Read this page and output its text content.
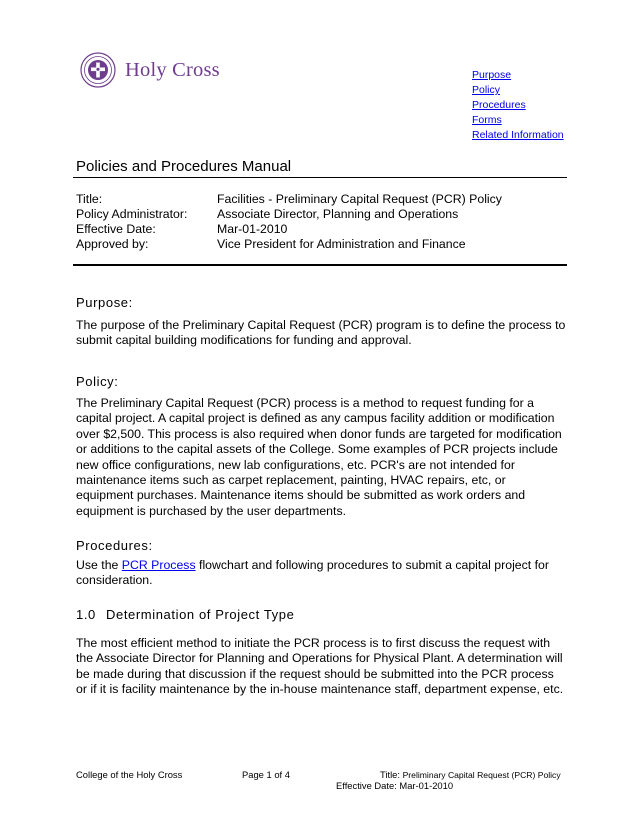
Holy Cross	Purpose
Policy
Procedures
Forms
Related Information
Policies and Procedures Manual
Title:	Facilities - Preliminary Capital Request (PCR) Policy
Policy Administrator:	Associate Director, Planning and Operations
Effective Date:	Mar-01-2010
Approved by:	Vice President for Administration and Finance
Purpose:
The purpose of the Preliminary Capital Request (PCR) program is to define the process to submit capital building modifications for funding and approval.
Policy:
The Preliminary Capital Request (PCR) process is a method to request funding for a capital project. A capital project is defined as any campus facility addition or modification over $2,500. This process is also required when donor funds are targeted for modification or additions to the capital assets of the College. Some examples of PCR projects include new office configurations, new lab configurations, etc. PCR's are not intended for maintenance items such as carpet replacement, painting, HVAC repairs, etc, or equipment purchases. Maintenance items should be submitted as work orders and equipment is purchased by the user departments.
Procedures:
Use the PCR Process flowchart and following procedures to submit a capital project for consideration.
1.0 Determination of Project Type
The most efficient method to initiate the PCR process is to first discuss the request with the Associate Director for Planning and Operations for Physical Plant. A determination will be made during that discussion if the request should be submitted into the PCR process or if it is facility maintenance by the in-house maintenance staff, department expense, etc.
College of the Holy Cross	Page 1 of 4	Title: Preliminary Capital Request (PCR) Policy
Effective Date: Mar-01-2010
